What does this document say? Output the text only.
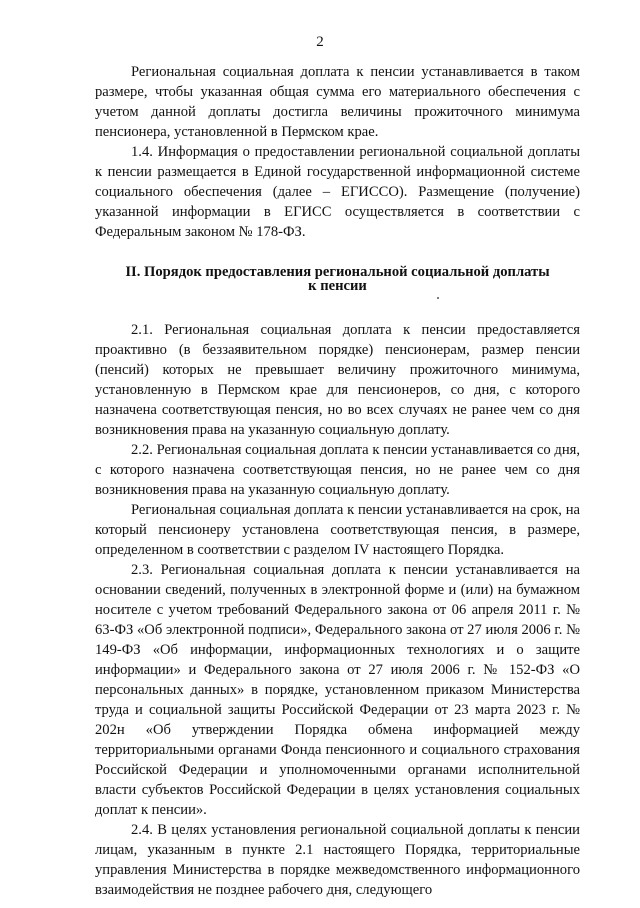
2

Региональная социальная доплата к пенсии устанавливается в таком размере, чтобы указанная общая сумма его материального обеспечения с учетом данной доплаты достигла величины прожиточного минимума пенсионера, установленной в Пермском крае.

1.4. Информация о предоставлении региональной социальной доплаты к пенсии размещается в Единой государственной информационной системе социального обеспечения (далее – ЕГИССО). Размещение (получение) указанной информации в ЕГИСС осуществляется в соответствии с Федеральным законом № 178-ФЗ.

II. Порядок предоставления региональной социальной доплаты
к пенсии

2.1. Региональная социальная доплата к пенсии предоставляется проактивно (в беззаявительном порядке) пенсионерам, размер пенсии (пенсий) которых не превышает величину прожиточного минимума, установленную в Пермском крае для пенсионеров, со дня, с которого назначена соответствующая пенсия, но во всех случаях не ранее чем со дня возникновения права на указанную социальную доплату.

2.2. Региональная социальная доплата к пенсии устанавливается со дня, с которого назначена соответствующая пенсия, но не ранее чем со дня возникновения права на указанную социальную доплату.

Региональная социальная доплата к пенсии устанавливается на срок, на который пенсионеру установлена соответствующая пенсия, в размере, определенном в соответствии с разделом IV настоящего Порядка.

2.3. Региональная социальная доплата к пенсии устанавливается на основании сведений, полученных в электронной форме и (или) на бумажном носителе с учетом требований Федерального закона от 06 апреля 2011 г. № 63-ФЗ «Об электронной подписи», Федерального закона от 27 июля 2006 г. № 149-ФЗ «Об информации, информационных технологиях и о защите информации» и Федерального закона от 27 июля 2006 г. № 152-ФЗ «О персональных данных» в порядке, установленном приказом Министерства труда и социальной защиты Российской Федерации от 23 марта 2023 г. № 202н «Об утверждении Порядка обмена информацией между территориальными органами Фонда пенсионного и социального страхования Российской Федерации и уполномоченными органами исполнительной власти субъектов Российской Федерации в целях установления социальных доплат к пенсии».

2.4. В целях установления региональной социальной доплаты к пенсии лицам, указанным в пункте 2.1 настоящего Порядка, территориальные управления Министерства в порядке межведомственного информационного взаимодействия не позднее рабочего дня, следующего
